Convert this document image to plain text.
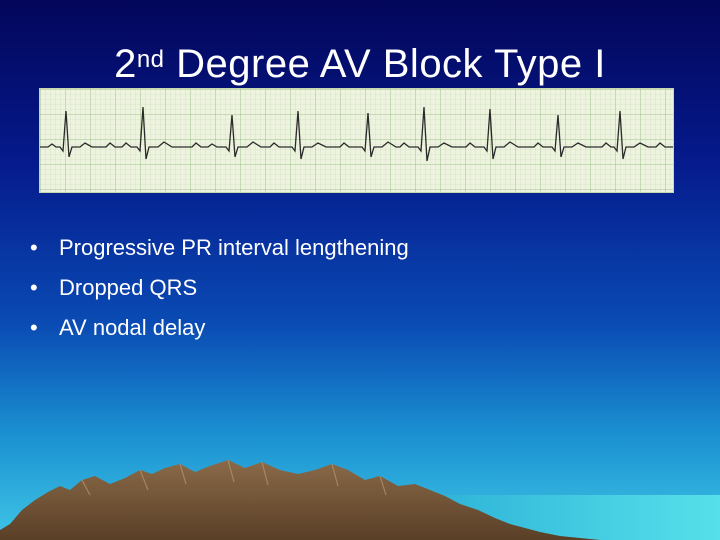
2nd Degree AV Block Type I
• Progressive PR interval lengthening
• Dropped QRS
• AV nodal delay
